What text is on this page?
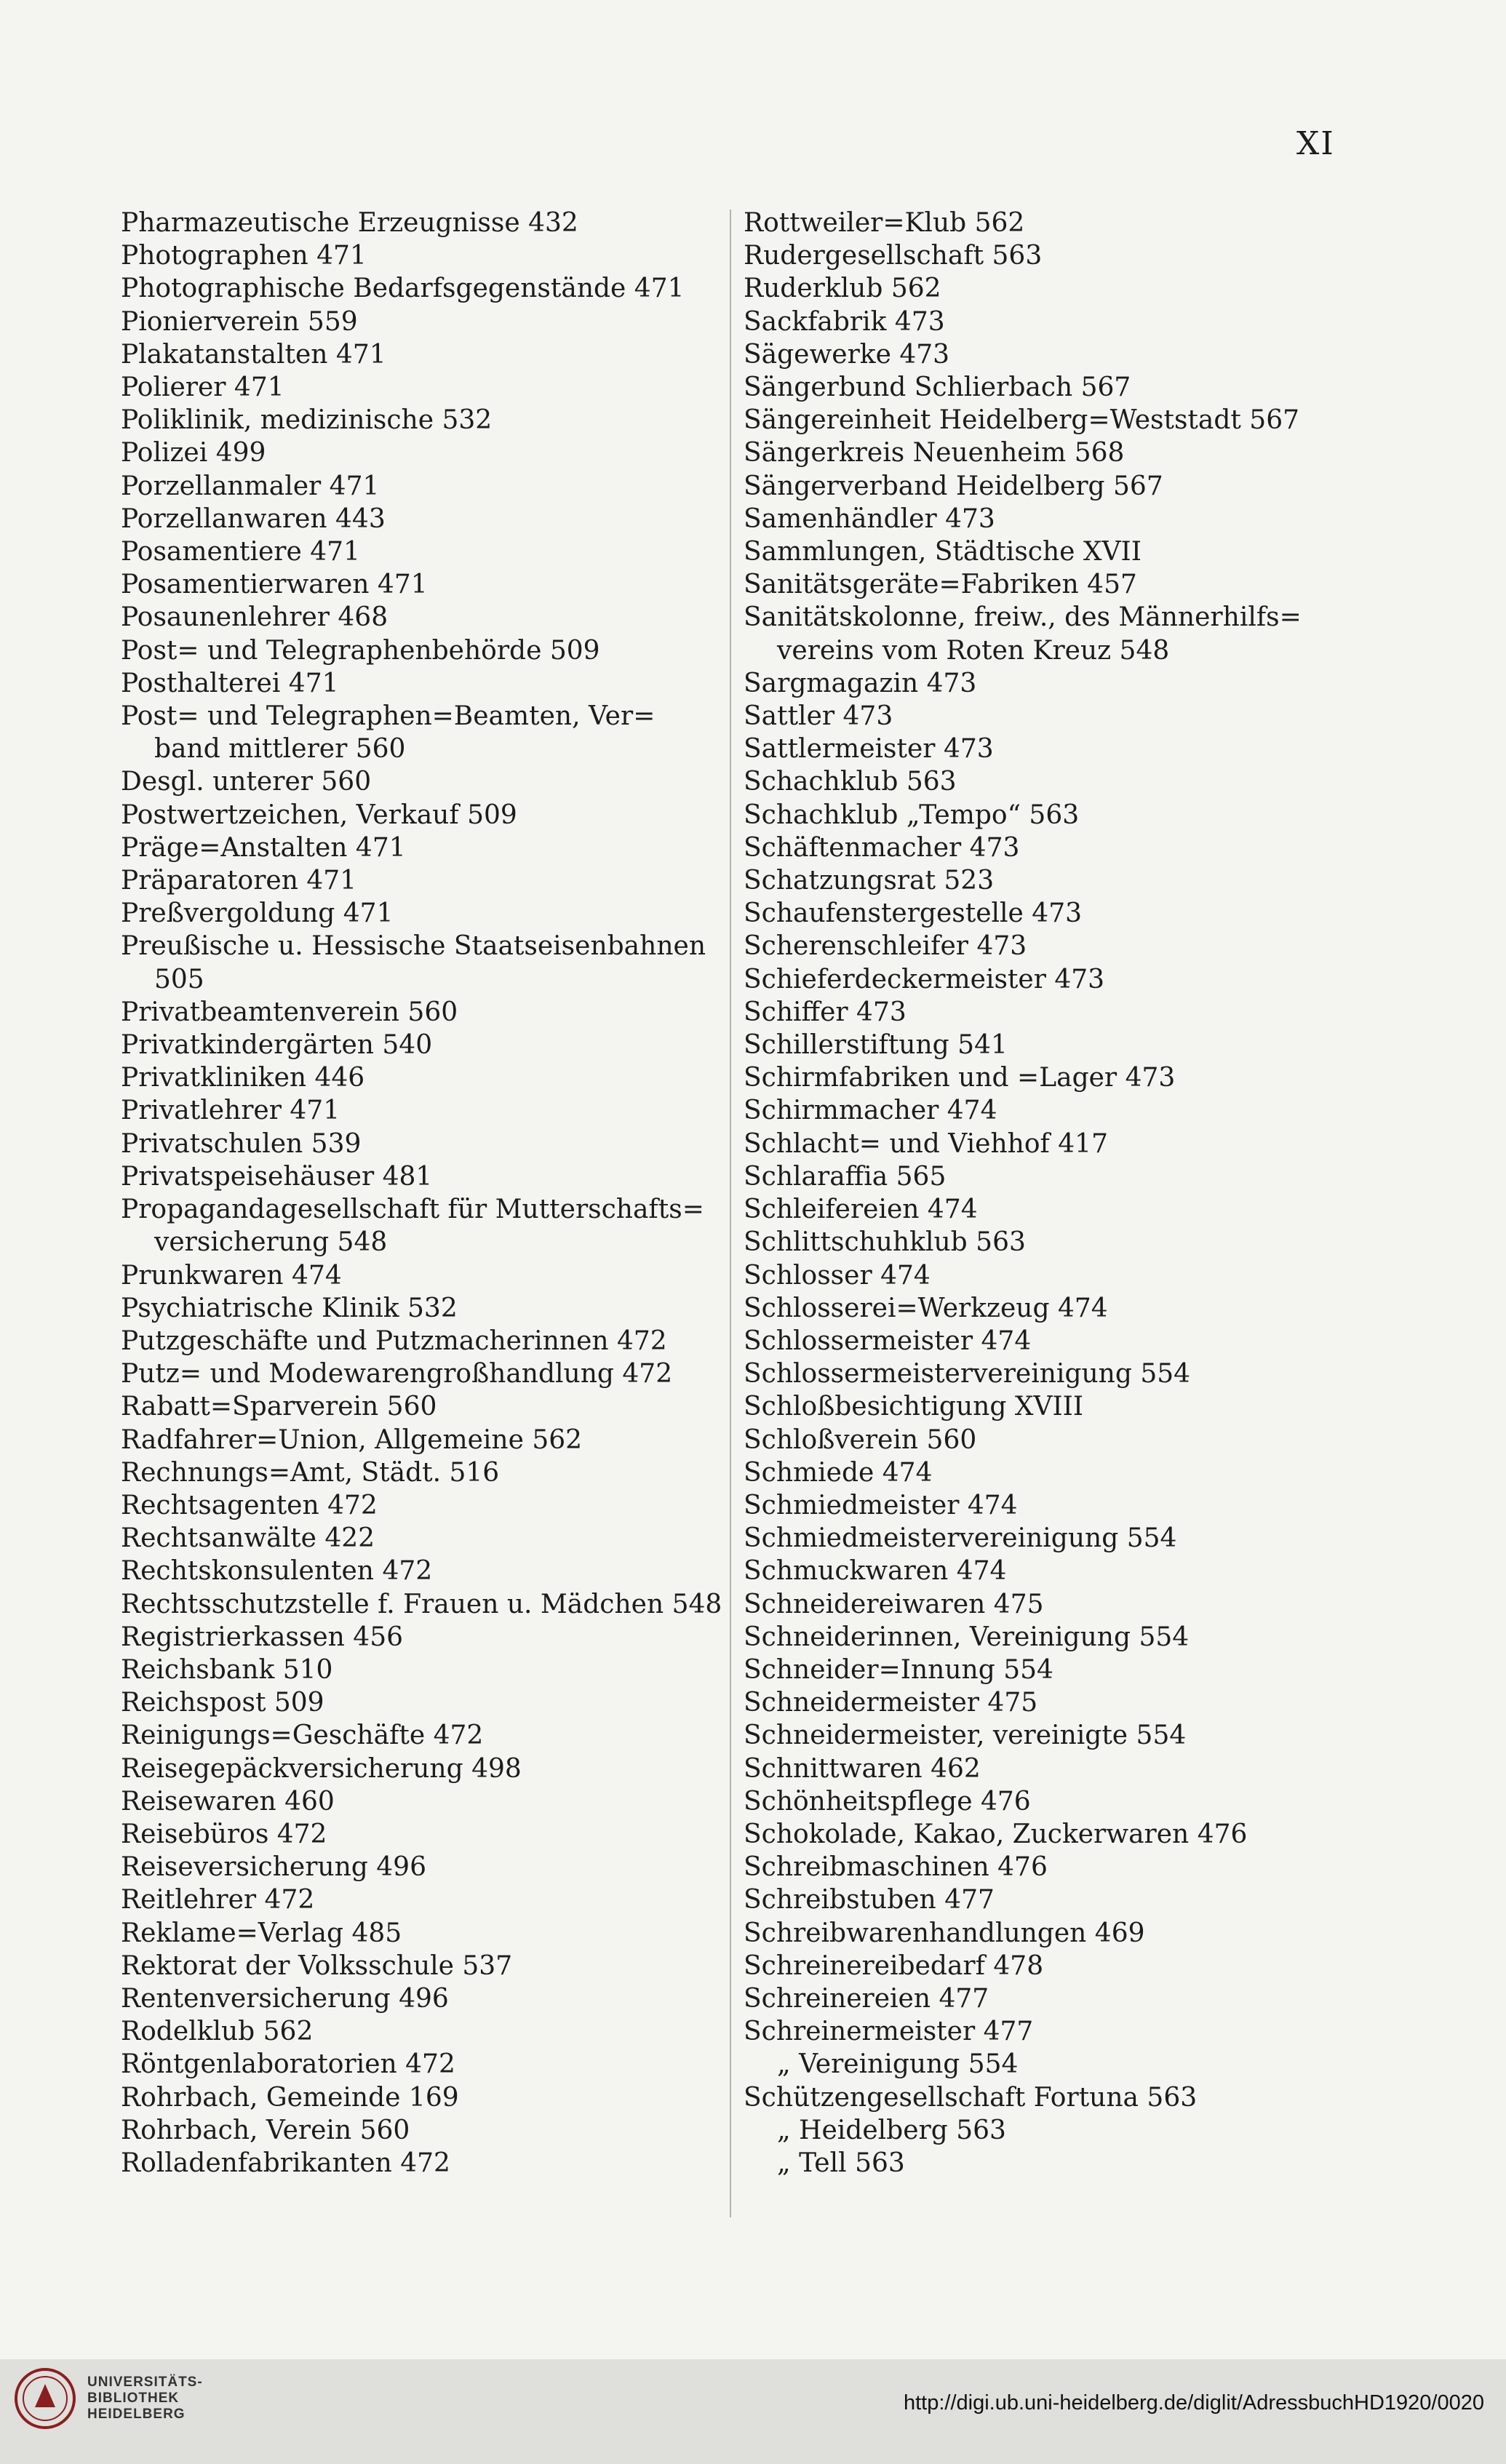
XI
Pharmazeutische Erzeugnisse 432
Photographen 471
Photographische Bedarfsgegenstände 471
Pionierverein 559
Plakatanstalten 471
Polierer 471
Poliklinik, medizinische 532
Polizei 499
Porzellanmaler 471
Porzellanwaren 443
Posamentiere 471
Posamentierwaren 471
Posaunenlehrer 468
Post= und Telegraphenbehörde 509
Posthalterei 471
Post= und Telegraphen=Beamten, Ver=
band mittlerer 560
Desgl. unterer 560
Postwertzeichen, Verkauf 509
Präge=Anstalten 471
Präparatoren 471
Preßvergoldung 471
Preußische u. Hessische Staatseisenbahnen
505
Privatbeamtenverein 560
Privatkindergärten 540
Privatkliniken 446
Privatlehrer 471
Privatschulen 539
Privatspeisehäuser 481
Propagandagesellschaft für Mutterschafts=
versicherung 548
Prunkwaren 474
Psychiatrische Klinik 532
Putzgeschäfte und Putzmacherinnen 472
Putz= und Modewarengroßhandlung 472
Rabatt=Sparverein 560
Radfahrer=Union, Allgemeine 562
Rechnungs=Amt, Städt. 516
Rechtsagenten 472
Rechtsanwälte 422
Rechtskonsulenten 472
Rechtsschutzstelle f. Frauen u. Mädchen 548
Registrierkassen 456
Reichsbank 510
Reichspost 509
Reinigungs=Geschäfte 472
Reisegepäckversicherung 498
Reisewaren 460
Reisebüros 472
Reiseversicherung 496
Reitlehrer 472
Reklame=Verlag 485
Rektorat der Volksschule 537
Rentenversicherung 496
Rodelklub 562
Röntgenlaboratorien 472
Rohrbach, Gemeinde 169
Rohrbach, Verein 560
Rolladenfabrikanten 472
Rottweiler=Klub 562
Rudergesellschaft 563
Ruderklub 562
Sackfabrik 473
Sägewerke 473
Sängerbund Schlierbach 567
Sängereinheit Heidelberg=Weststadt 567
Sängerkreis Neuenheim 568
Sängerverband Heidelberg 567
Samenhändler 473
Sammlungen, Städtische XVII
Sanitätsgeräte=Fabriken 457
Sanitätskolonne, freiw., des Männerhilfs=
vereins vom Roten Kreuz 548
Sargmagazin 473
Sattler 473
Sattlermeister 473
Schachklub 563
Schachklub „Tempo“ 563
Schäftenmacher 473
Schatzungsrat 523
Schaufenstergestelle 473
Scherenschleifer 473
Schieferdeckermeister 473
Schiffer 473
Schillerstiftung 541
Schirmfabriken und =Lager 473
Schirmmacher 474
Schlacht= und Viehhof 417
Schlaraffia 565
Schleifereien 474
Schlittschuhklub 563
Schlosser 474
Schlosserei=Werkzeug 474
Schlossermeister 474
Schlossermeistervereinigung 554
Schloßbesichtigung XVIII
Schloßverein 560
Schmiede 474
Schmiedmeister 474
Schmiedmeistervereinigung 554
Schmuckwaren 474
Schneidereiwaren 475
Schneiderinnen, Vereinigung 554
Schneider=Innung 554
Schneidermeister 475
Schneidermeister, vereinigte 554
Schnittwaren 462
Schönheitspflege 476
Schokolade, Kakao, Zuckerwaren 476
Schreibmaschinen 476
Schreibstuben 477
Schreibwarenhandlungen 469
Schreinereibedarf 478
Schreinereien 477
Schreinermeister 477
„ Vereinigung 554
Schützengesellschaft Fortuna 563
„ Heidelberg 563
„ Tell 563
UNIVERSITÄTS-
BIBLIOTHEK
HEIDELBERG	http://digi.ub.uni-heidelberg.de/diglit/AdressbuchHD1920/0020
